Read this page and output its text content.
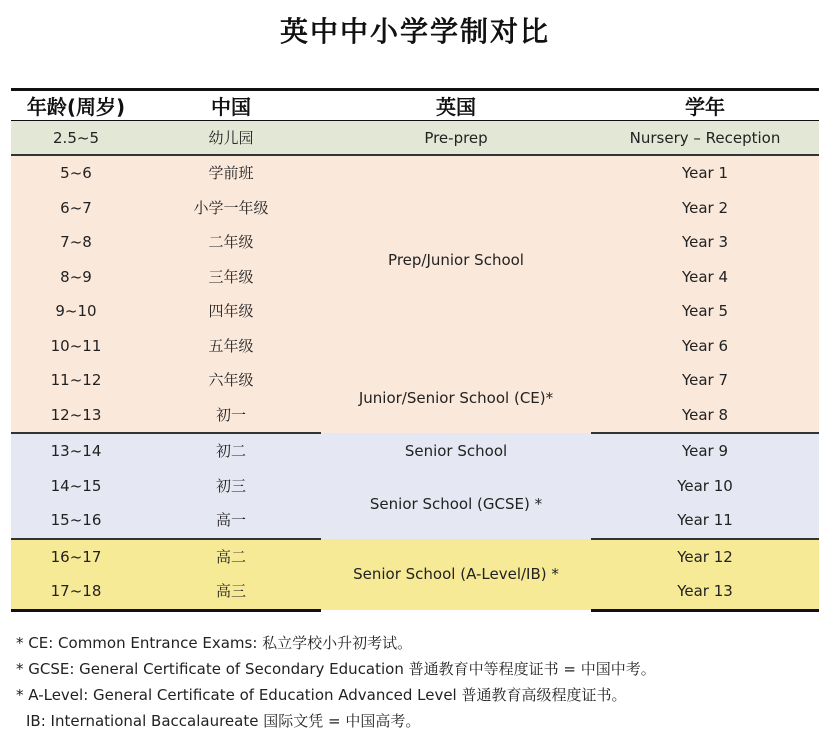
英中中小学学制对比
年龄(周岁)	中国	英国	学年
2.5~5	幼儿园	Pre-prep	Nursery – Reception
5~6	学前班	Prep/Junior School	Year 1
6~7	小学一年级		Year 2
7~8	二年级		Year 3
8~9	三年级		Year 4
9~10	四年级		Year 5
10~11	五年级		Year 6
11~12	六年级	Junior/Senior School (CE)*	Year 7
12~13	初一		Year 8
13~14	初二	Senior School	Year 9
14~15	初三	Senior School (GCSE) *	Year 10
15~16	高一		Year 11
16~17	高二	Senior School (A-Level/IB) *	Year 12
17~18	高三		Year 13
* CE: Common Entrance Exams: 私立学校小升初考试。
* GCSE: General Certificate of Secondary Education 普通教育中等程度证书 = 中国中考。
* A-Level: General Certificate of Education Advanced Level 普通教育高级程度证书。
IB: International Baccalaureate 国际文凭 = 中国高考。
